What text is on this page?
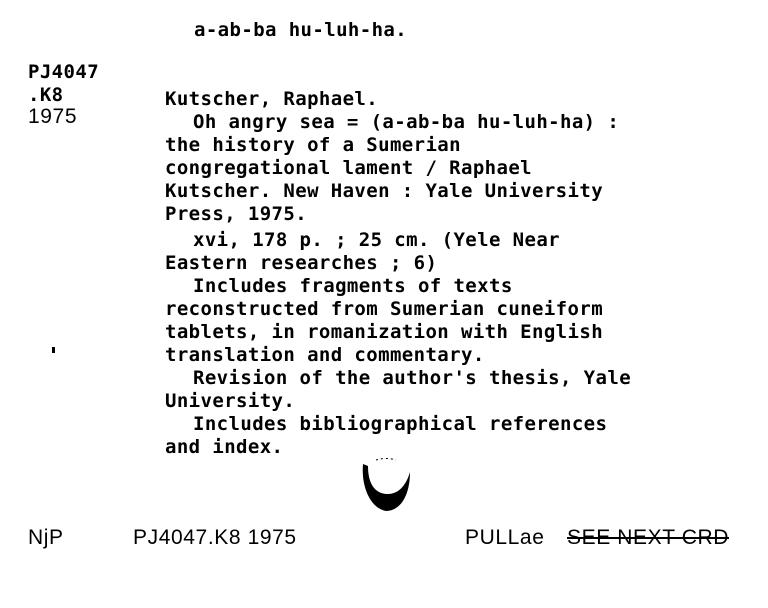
a-ab-ba hu-luh-ha.
PJ4047
.K8
1975
Kutscher, Raphael.
Oh angry sea = (a-ab-ba hu-luh-ha) :
the history of a Sumerian
congregational lament / Raphael
Kutscher. New Haven : Yale University
Press, 1975.
xvi, 178 p. ; 25 cm. (Yele Near
Eastern researches ; 6)
Includes fragments of texts
reconstructed from Sumerian cuneiform
tablets, in romanization with English
translation and commentary.
Revision of the author's thesis, Yale
University.
Includes bibliographical references
and index.
NjP	PJ4047.K8 1975	PULLae SEE NEXT CRD
